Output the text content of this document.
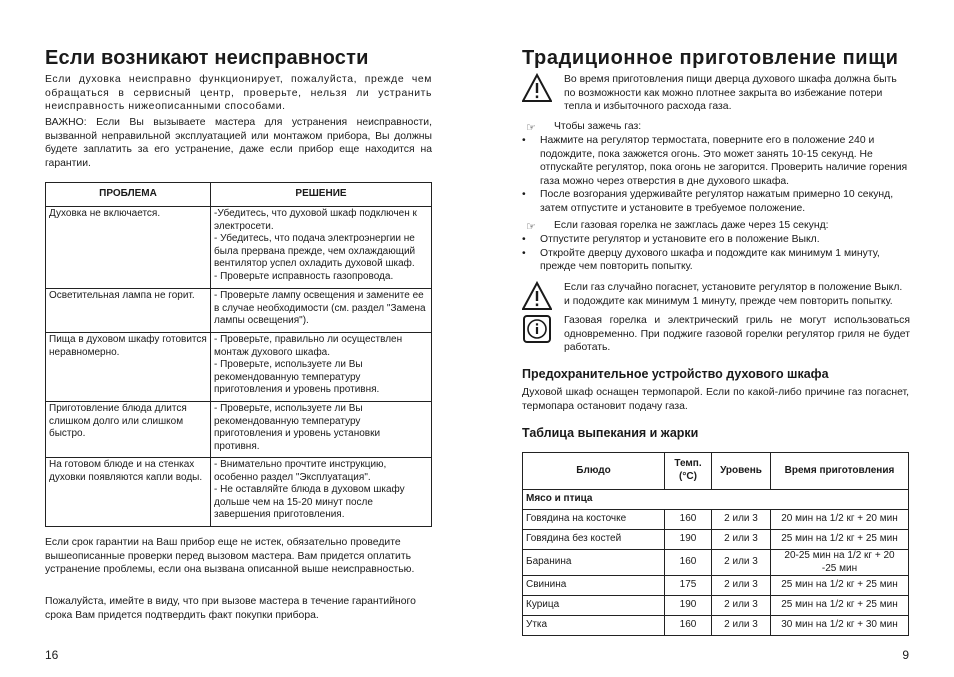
Если возникают неисправности

Если духовка неисправно функционирует, пожалуйста, прежде чем обращаться в сервисный центр, проверьте, нельзя ли устранить неисправность нижеописанными способами.

ВАЖНО: Если Вы вызываете мастера для устранения неисправности, вызванной неправильной эксплуатацией или монтажом прибора, Вы должны будете заплатить за его устранение, даже если прибор еще находится на гарантии.

ПРОБЛЕМА	РЕШЕНИЕ
Духовка не включается.	-Убедитесь, что духовой шкаф подключен к электросети.
- Убедитесь, что подача электроэнергии не была прервана прежде, чем охлаждающий вентилятор успел охладить духовой шкаф.
- Проверьте исправность газопровода.
Осветительная лампа не горит.	- Проверьте лампу освещения и замените ее в случае необходимости (см. раздел "Замена лампы освещения").
Пища в духовом шкафу готовится неравномерно.	- Проверьте, правильно ли осуществлен монтаж духового шкафа.
- Проверьте, используете ли Вы рекомендованную температуру приготовления и уровень противня.
Приготовление блюда длится слишком долго или слишком быстро.	- Проверьте, используете ли Вы рекомендованную температуру приготовления и уровень установки противня.
На готовом блюде и на стенках духовки появляются капли воды.	- Внимательно прочтите инструкцию, особенно раздел "Эксплуатация".
- Не оставляйте блюда в духовом шкафу дольше чем на 15-20 минут после завершения приготовления.

Если срок гарантии на Ваш прибор еще не истек, обязательно проведите вышеописанные проверки перед вызовом мастера. Вам придется оплатить устранение проблемы, если она вызвана описанной выше неисправностью.

Пожалуйста, имейте в виду, что при вызове мастера в течение гарантийного срока Вам придется подтвердить факт покупки прибора.

16
Традиционное приготовление пищи

Во время приготовления пищи дверца духового шкафа должна быть по возможности как можно плотнее закрыта во избежание потери тепла и избыточного расхода газа.

☞ Чтобы зажечь газ:

• Нажмите на регулятор термостата, поверните его в положение 240 и подождите, пока зажжется огонь. Это может занять 10-15 секунд. Не отпускайте регулятор, пока огонь не загорится. Проверить наличие горения газа можно через отверстия в дне духового шкафа.
• После возгорания удерживайте регулятор нажатым примерно 10 секунд, затем отпустите и установите в требуемое положение.
☞ Если газовая горелка не зажглась даже через 15 секунд:

• Отпустите регулятор и установите его в положение Выкл.
• Откройте дверцу духового шкафа и подождите как минимум 1 минуту, прежде чем повторить попытку.

Если газ случайно погаснет, установите регулятор в положение Выкл. и подождите как минимум 1 минуту, прежде чем повторить попытку.

Газовая горелка и электрический гриль не могут использоваться одновременно. При поджиге газовой горелки регулятор гриля не будет работать.

Предохранительное устройство духового шкафа

Духовой шкаф оснащен термопарой. Если по какой-либо причине газ погаснет, термопара остановит подачу газа.

Таблица выпекания и жарки
Блюдо	Темп. (°C)	Уровень	Время приготовления
Мясо и птица			
Говядина на косточке	160	2 или 3	20 мин на 1/2 кг + 20 мин
Говядина без костей	190	2 или 3	25 мин на 1/2 кг + 25 мин
Баранина	160	2 или 3	20-25 мин на 1/2 кг + 20 -25 мин
Свинина	175	2 или 3	25 мин на 1/2 кг + 25 мин
Курица	190	2 или 3	25 мин на 1/2 кг + 25 мин
Утка	160	2 или 3	30 мин на 1/2 кг + 30 мин
9
